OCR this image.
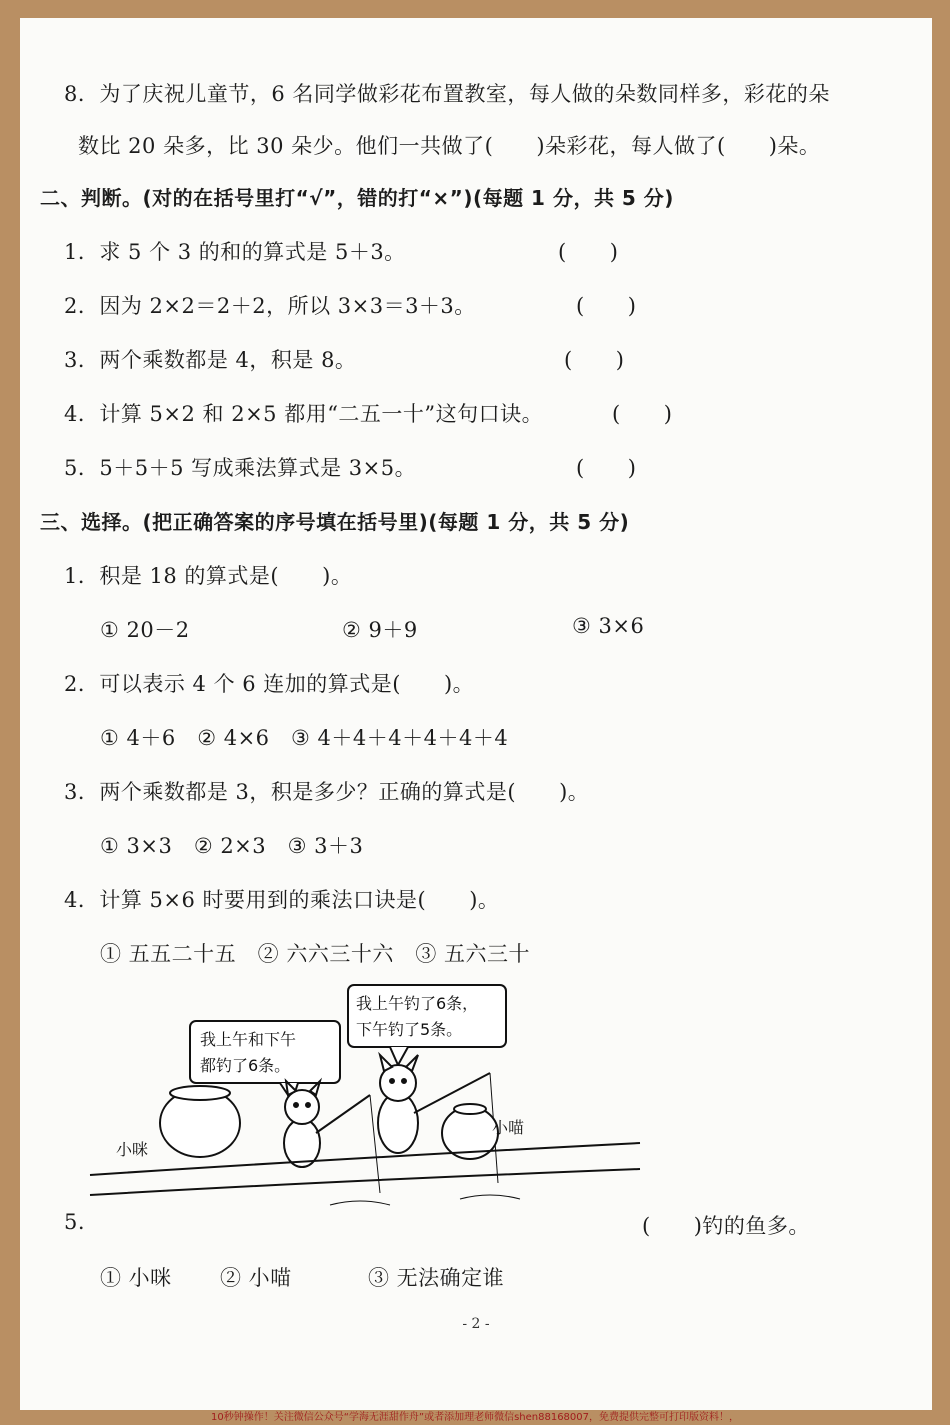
8．为了庆祝儿童节，6 名同学做彩花布置教室，每人做的朵数同样多，彩花的朵
数比 20 朵多，比 30 朵少。他们一共做了(　　)朵彩花，每人做了(　　)朵。
二、判断。(对的在括号里打“√”，错的打“×”)(每题 1 分，共 5 分)
1．求 5 个 3 的和的算式是 5＋3。	(　　)
2．因为 2×2＝2＋2，所以 3×3＝3＋3。	(　　)
3．两个乘数都是 4，积是 8。	(　　)
4．计算 5×2 和 2×5 都用“二五一十”这句口诀。	(　　)
5．5＋5＋5 写成乘法算式是 3×5。	(　　)
三、选择。(把正确答案的序号填在括号里)(每题 1 分，共 5 分)
1．积是 18 的算式是(　　)。
① 20－2	② 9＋9	③ 3×6
2．可以表示 4 个 6 连加的算式是(　　)。
① 4＋6　② 4×6　③ 4＋4＋4＋4＋4＋4
3．两个乘数都是 3，积是多少？正确的算式是(　　)。
① 3×3　② 2×3　③ 3＋3
4．计算 5×6 时要用到的乘法口诀是(　　)。
① 五五二十五　② 六六三十六　③ 五六三十
我上午和下午
都钓了6条。
我上午钓了6条，
下午钓了5条。
小咪
小喵
5.	(　　)钓的鱼多。
① 小咪 ② 小喵	③ 无法确定谁
- 2 -
10秒钟操作！关注微信公众号“学海无涯甜作舟”或者添加理老师微信shen88168007，免费提供完整可打印版资料！，
